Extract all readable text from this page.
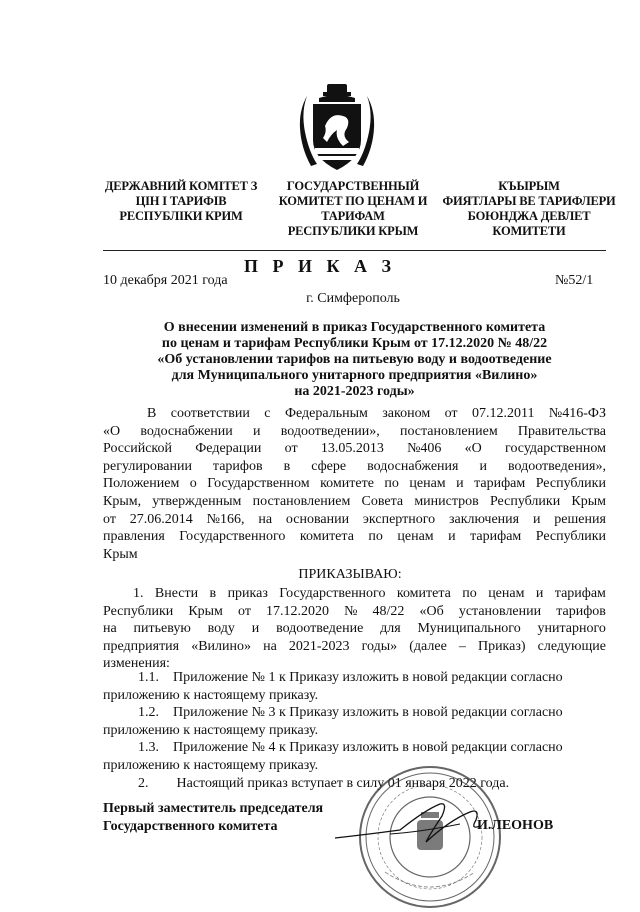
ДЕРЖАВНИЙ КОМІТЕТ З
ЦІН І ТАРИФІВ
РЕСПУБЛІКИ КРИМ
ГОСУДАРСТВЕННЫЙ
КОМИТЕТ ПО ЦЕНАМ И
ТАРИФАМ
РЕСПУБЛИКИ КРЫМ
КЪЫРЫМ
ФИЯТЛАРЫ ВЕ ТАРИФЛЕРИ
БОЮНДЖА ДЕВЛЕТ
КОМИТЕТИ
П Р И К А З
10 декабря 2021 года	№52/1
г. Симферополь
О внесении изменений в приказ Государственного комитета
по ценам и тарифам Республики Крым от 17.12.2020 № 48/22
«Об установлении тарифов на питьевую воду и водоотведение
для Муниципального унитарного предприятия «Вилино»
на 2021-2023 годы»
В соответствии с Федеральным законом от 07.12.2011 №416-ФЗ
«О водоснабжении и водоотведении», постановлением Правительства
Российской Федерации от 13.05.2013 №406 «О государственном
регулировании тарифов в сфере водоснабжения и водоотведения»,
Положением о Государственном комитете по ценам и тарифам Республики
Крым, утвержденным постановлением Совета министров Республики Крым
от 27.06.2014 №166, на основании экспертного заключения и решения
правления Государственного комитета по ценам и тарифам Республики
Крым
ПРИКАЗЫВАЮ:
1. Внести в приказ Государственного комитета по ценам и тарифам
Республики Крым от 17.12.2020 № 48/22 «Об установлении тарифов
на питьевую воду и водоотведение для Муниципального унитарного
предприятия «Вилино» на 2021-2023 годы» (далее – Приказ) следующие
изменения:
1.1. Приложение № 1 к Приказу изложить в новой редакции согласно
приложению к настоящему приказу.
1.2. Приложение № 3 к Приказу изложить в новой редакции согласно
приложению к настоящему приказу.
1.3. Приложение № 4 к Приказу изложить в новой редакции согласно
приложению к настоящему приказу.
2. Настоящий приказ вступает в силу 01 января 2022 года.
Первый заместитель председателя
Государственного комитета	И.ЛЕОНОВ
